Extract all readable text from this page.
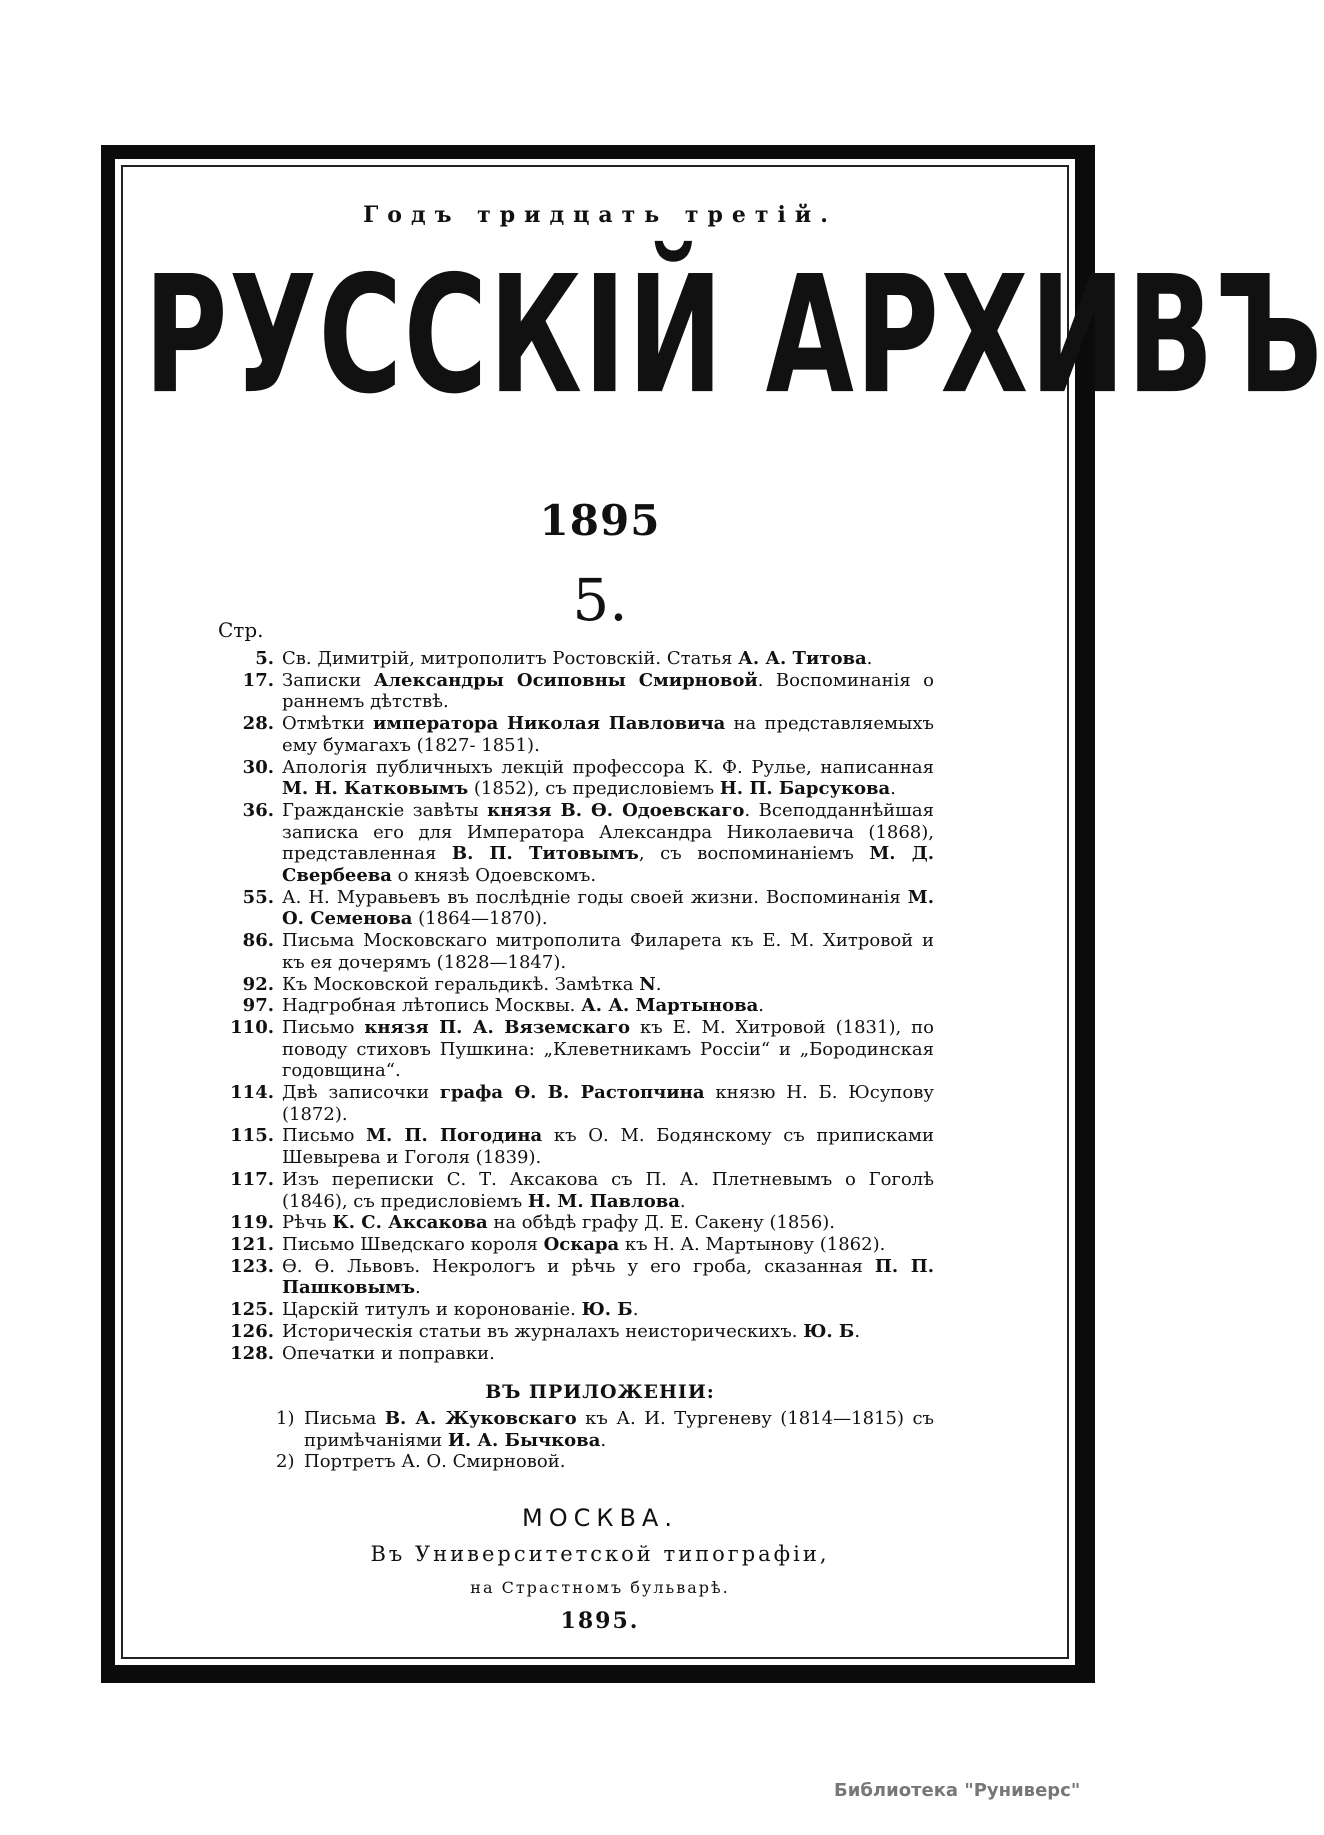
Годъ тридцать третій.
РУССКІЙ АРХИВЪ
1895
5.
Стр.
5. Св. Димитрій, митрополитъ Ростовскій. Статья А. А. Титова.
17. Записки Александры Осиповны Смирновой. Воспоминанія о раннемъ дѣтствѣ.
28. Отмѣтки императора Николая Павловича на представляемыхъ ему бумагахъ (1827- 1851).
30. Апологія публичныхъ лекцій профессора К. Ф. Рулье, написанная М. Н. Катковымъ (1852), съ предисловіемъ Н. П. Барсукова.
36. Гражданскіе завѣты князя В. Ѳ. Одоевскаго. Всеподданнѣйшая записка его для Императора Александра Николаевича (1868), представленная В. П. Титовымъ, съ воспоминаніемъ М. Д. Свербеева о князѣ Одоевскомъ.
55. А. Н. Муравьевъ въ послѣдніе годы своей жизни. Воспоминанія М. О. Семенова (1864—1870).
86. Письма Московскаго митрополита Филарета къ Е. М. Хитровой и къ ея дочерямъ (1828—1847).
92. Къ Московской геральдикѣ. Замѣтка N.
97. Надгробная лѣтопись Москвы. А. А. Мартынова.
110. Письмо князя П. А. Вяземскаго къ Е. М. Хитровой (1831), по поводу стиховъ Пушкина: „Клеветникамъ Россіи“ и „Бородинская годовщина“.
114. Двѣ записочки графа Ѳ. В. Растопчина князю Н. Б. Юсупову (1872).
115. Письмо М. П. Погодина къ О. М. Бодянскому съ приписками Шевырева и Гоголя (1839).
117. Изъ переписки С. Т. Аксакова съ П. А. Плетневымъ о Гоголѣ (1846), съ предисловіемъ Н. М. Павлова.
119. Рѣчь К. С. Аксакова на обѣдѣ графу Д. Е. Сакену (1856).
121. Письмо Шведскаго короля Оскара къ Н. А. Мартынову (1862).
123. Ѳ. Ѳ. Львовъ. Некрологъ и рѣчь у его гроба, сказанная П. П. Пашковымъ.
125. Царскій титулъ и коронованіе. Ю. Б.
126. Историческія статьи въ журналахъ неисторическихъ. Ю. Б.
128. Опечатки и поправки.
ВЪ ПРИЛОЖЕНІИ:
1) Письма В. А. Жуковскаго къ А. И. Тургеневу (1814—1815) съ примѣчаніями И. А. Бычкова.
2) Портретъ А. О. Смирновой.
МОСКВА.
Въ Университетской типографіи,
на Страстномъ бульварѣ.
1895.
Библиотека "Руниверс"
